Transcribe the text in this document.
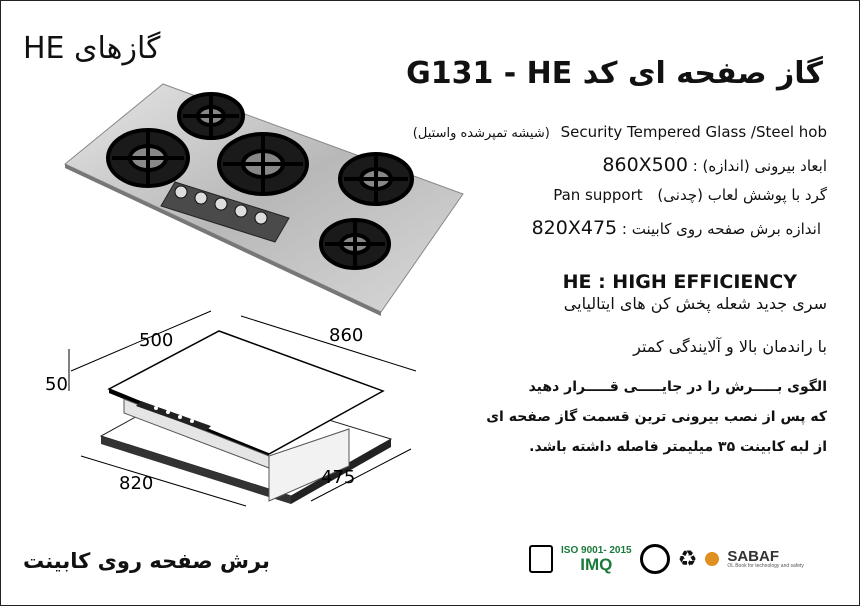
گازهای HE
گاز صفحه ای کد G131 - HE
(شیشه تمپرشده واستیل) Security Tempered Glass /Steel hob
860X500 : ابعاد بیرونی (اندازه)
Pan support (چدنی) گرد با پوشش لعاب
820X475 : اندازه برش صفحه روی کابینت
HE : HIGH EFFICIENCY
سری جدید شعله پخش کن های ایتالیایی
با راندمان بالا و آلایندگی کمتر
الگوی بـــــرش را در جایـــــی قـــــرار دهید
که پس از نصب بیرونی ترین قسمت گاز صفحه ای
از لبه کابینت ۳۵ میلیمتر فاصله داشته باشد.
500	860
50
820	475
برش صفحه روی کابینت	ISO 9001- 2015
IMQ	♻ SABAF
OL Book for technology and safety
